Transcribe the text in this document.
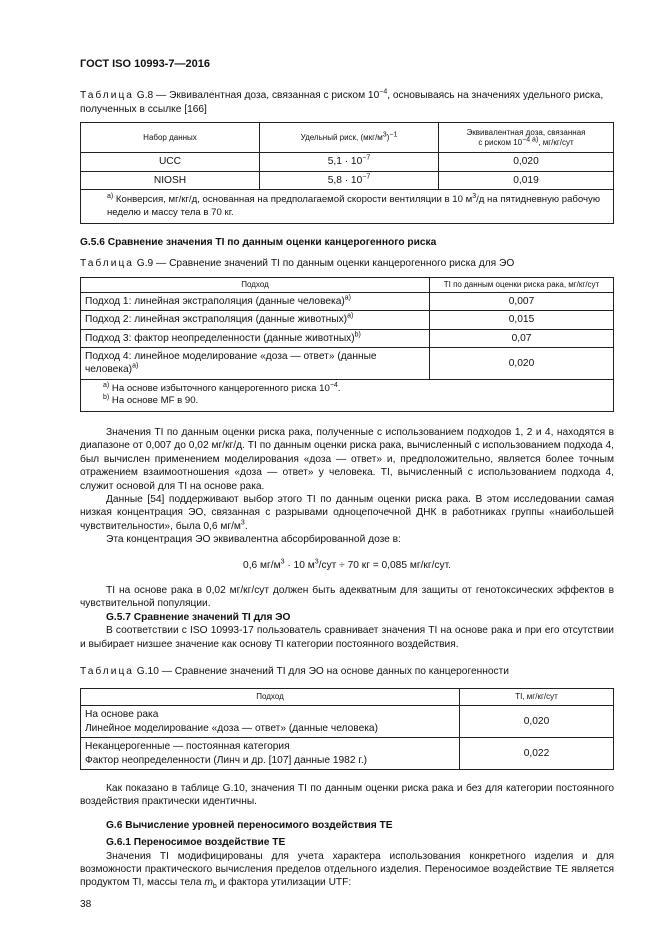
ГОСТ ISO 10993-7—2016
Таблица G.8 — Эквивалентная доза, связанная с риском $10^{-4}$, основываясь на значениях удельного риска, полученных в ссылке [166]
Набор данных	Удельный риск, $(мкг/м^3)^{-1}$	Эквивалентная доза, связанная
с риском $10^{-4 а)}$, мг/кг/сут
UCC	$5,1 \cdot 10^{-7}$	0,020
NIOSH	$5,8 \cdot 10^{-7}$	0,019
$^{а)}$ Конверсия, мг/кг/д, основанная на предполагаемой скорости вентиляции в 10 $м^3/д$ на пятидневную рабочую неделю и массу тела в 70 кг.		
G.5.6 Сравнение значения TI по данным оценки канцерогенного риска
Таблица G.9 — Сравнение значений TI по данным оценки канцерогенного риска для ЭО
Подход	TI по данным оценки риска рака, мг/кг/сут
Подход 1: линейная экстраполяция (данные человека)$^{а)}$	0,007
Подход 2: линейная экстраполяция (данные животных)$^{а)}$	0,015
Подход 3: фактор неопределенности (данные животных)$^{b)}$	0,07
Подход 4: линейное моделирование «доза — ответ» (данные человека)$^{а)}$	0,020

$^{а)}$ На основе избыточного канцерогенного риска $10^{-4}$.
$^{b)}$ На основе MF в 90.	

Значения TI по данным оценки риска рака, полученные с использованием подходов 1, 2 и 4, находятся в диапазоне от 0,007 до 0,02 мг/кг/д. TI по данным оценки риска рака, вычисленный с использованием подхода 4, был вычислен применением моделирования «доза — ответ» и, предположительно, является более точным отражением взаимоотношения «доза — ответ» у человека. TI, вычисленный с использованием подхода 4, служит основой для TI на основе рака.

Данные [54] поддерживают выбор этого TI по данным оценки риска рака. В этом исследовании самая низкая концентрация ЭО, связанная с разрывами одноцепочечной ДНК в работниках группы «наибольшей чувствительности», была 0,6 $мг/м^3$.

Эта концентрация ЭО эквивалентна абсорбированной дозе в:

0,6 $мг/м^3 \cdot 10$ $м^3$/сут ÷ 70 кг = 0,085 мг/кг/сут.

TI на основе рака в 0,02 мг/кг/сут должен быть адекватным для защиты от генотоксических эффектов в чувствительной популяции.

G.5.7 Сравнение значений TI для ЭО

В соответствии с ISO 10993-17 пользователь сравнивает значения TI на основе рака и при его отсутствии и выбирает низшее значение как основу TI категории постоянного воздействия.

Таблица G.10 — Сравнение значений TI для ЭО на основе данных по канцерогенности
Подход	TI, мг/кг/сут

На основе рака
Линейное моделирование «доза — ответ» (данные человека)	0,020

Неканцерогенные — постоянная категория
Фактор неопределенности (Линч и др. [107] данные 1982 г.)	0,022

Как показано в таблице G.10, значения TI по данным оценки риска рака и без для категории постоянного воздействия практически идентичны.

G.6 Вычисление уровней переносимого воздействия TE

G.6.1 Переносимое воздействие TE

Значения TI модифицированы для учета характера использования конкретного изделия и для возможности практического вычисления пределов отдельного изделия. Переносимое воздействие TE является продуктом TI, массы тела $m_b$ и фактора утилизации UTF:

38
